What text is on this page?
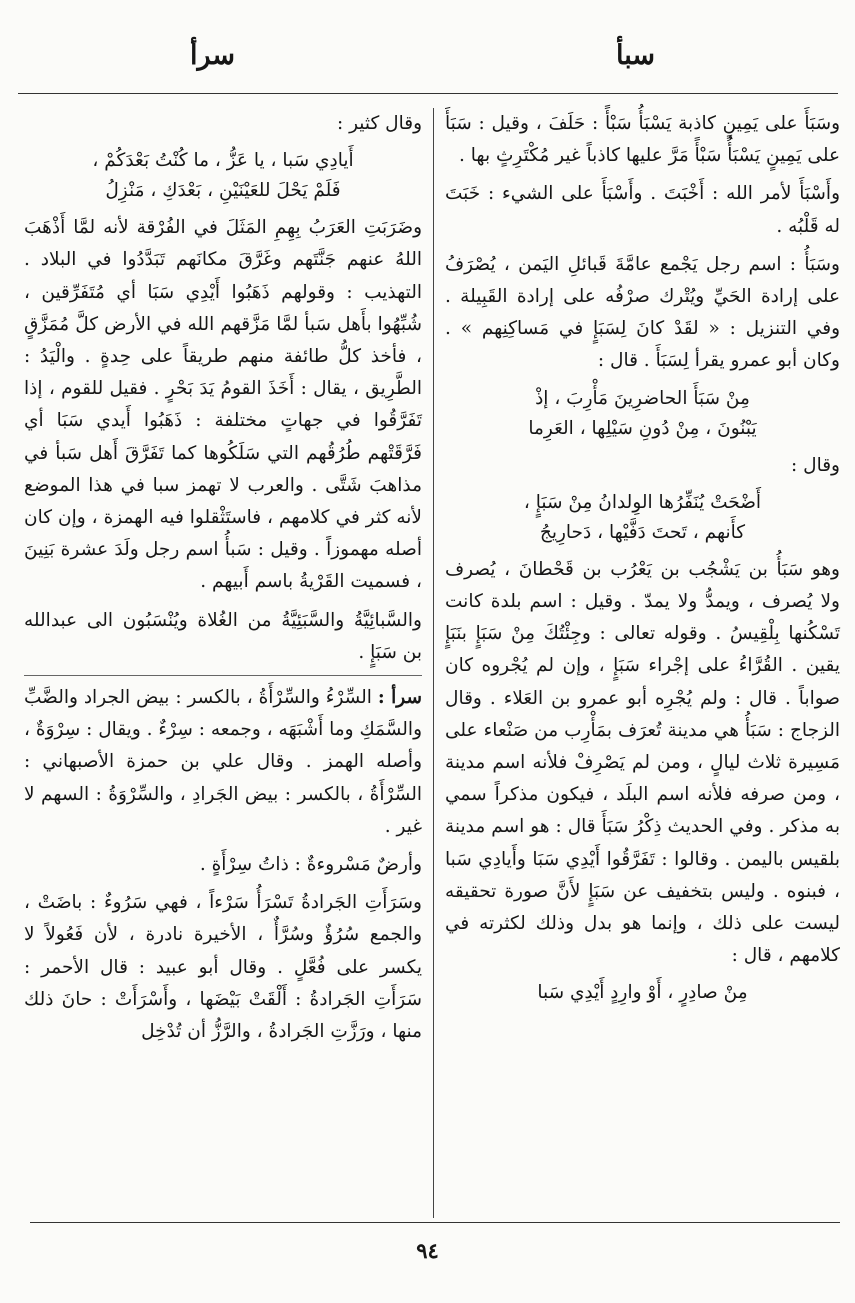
سبأ
سرأ

وسَبَأَ على يَمِينٍ كاذبة يَسْبَأُ سَبْأً : حَلَفَ ، وقيل : سَبَأَ على يَمِينٍ يَسْبَأُ سَبْأً مَرَّ عليها كاذباً غير مُكْتَرِثٍ بها .

وأَسْبَأَ لأمر الله : أَخْبَتَ . وأَسْبَأَ على الشيء : خَبَتَ له قَلْبُه .

وسَبَأُ : اسم رجل يَجْمع عامَّةَ قَبائلِ اليَمن ، يُصْرَفُ على إرادة الحَيِّ ويُتْرك صرْفُه على إرادة القَبِيلة . وفي التنزيل : « لقَدْ كانَ لِسَبَإٍ في مَساكِنِهم » . وكان أبو عمرو يقرأ لِسَبَأَ . قال :

مِنْ سَبَأَ الحاضرِينَ مَأْرِبَ ، إذْ
يَبْنُونَ ، مِنْ دُونِ سَيْلِها ، العَرِما

وقال :

أَضْحَتْ يُنَفِّرُها الوِلدانُ مِنْ سَبَإٍ ،
كأَنهم ، تَحتَ دَفَّيْها ، دَحارِيجُ

وهو سَبَأُ بن يَشْجُب بن يَعْرُب بن قَحْطانَ ، يُصرف ولا يُصرف ، ويمدُّ ولا يمدّ . وقيل : اسم بلدة كانت تَسْكُنها بِلْقِيسُ . وقوله تعالى : وجِئْتُكَ مِنْ سَبَإٍ بنَبَإٍ يقين . القُرَّاءُ على إجْراء سَبَإٍ ، وإن لم يُجْروه كان صواباً . قال : ولم يُجْرِه أبو عمرو بن العَلاء . وقال الزجاج : سَبَأُ هي مدينة تُعرَف بمَأْرِب من صَنْعاء على مَسِيرة ثلاث ليالٍ ، ومن لم يَصْرِفْ فلأنه اسم مدينة ، ومن صرفه فلأنه اسم البلَد ، فيكون مذكراً سمي به مذكر . وفي الحديث ذِكْرُ سَبَأَ قال : هو اسم مدينة بلقيس باليمن . وقالوا : تَفَرَّقُوا أَيْدِي سَبَا وأَيادِي سَبا ، فبنوه . وليس بتخفيف عن سَبَإٍ لأَنَّ صورة تحقيقه ليست على ذلك ، وإنما هو بدل وذلك لكثرته في كلامهم ، قال :

مِنْ صادِرٍ ، أَوْ وارِدٍ أَيْدِي سَبا

وقال كثير :

أَيادِي سَبا ، يا عَزُّ ، ما كُنْتُ بَعْدَكُمْ ،
فَلَمْ يَحْلَ للعَيْنَيْنِ ، بَعْدَكِ ، مَنْزِلُ

وضَرَبَتِ العَرَبُ بِهِمِ المَثَلَ في الفُرْقة لأنه لمَّا أَذْهَبَ اللهُ عنهم جَنَّتَهم وغَرَّقَ مكانَهم تَبَدَّدُوا في البلاد . التهذيب : وقولهم ذَهَبُوا أَيْدِي سَبَا أي مُتَفَرِّقين ، شُبِّهُوا بأَهل سَبأ لمَّا مَزَّقهم الله في الأرض كلَّ مُمَزَّقٍ ، فأخذ كلُّ طائفة منهم طريقاً على حِدةٍ . والْيَدُ : الطَّرِيق ، يقال : أَخَذَ القومُ يَدَ بَحْرٍ . فقيل للقوم ، إذا تَفَرَّقُوا في جهاتٍ مختلفة : ذَهَبُوا أَيدي سَبَا أي فَرَّقَتْهم طُرُقُهم التي سَلَكُوها كما تَفَرَّقَ أَهل سَبأ في مذاهبَ شَتَّى . والعرب لا تهمز سبا في هذا الموضع لأنه كثر في كلامهم ، فاستَثْقلوا فيه الهمزة ، وإن كان أصله مهموزاً . وقيل : سَبأُ اسم رجل ولَدَ عشرة بَنِينَ ، فسميت القَرْيةُ باسم أَبيهم .

والسَّبائِيَّةُ والسَّبَئِيَّةُ من الغُلاة ويُنْسَبُون الى عبدالله بن سَبَإٍ .

سرأ : السِّرْءُ والسِّرْأَةُ ، بالكسر : بيض الجراد والضَّبِّ والسَّمَكِ وما أَشْبَهَه ، وجمعه : سِرْءٌ . ويقال : سِرْوَةٌ ، وأصله الهمز . وقال علي بن حمزة الأصبهاني : السِّرْأَةُ ، بالكسر : بيض الجَرادِ ، والسِّرْوَةُ : السهم لا غير .

وأرضٌ مَسْروءةٌ : ذاتُ سِرْأَةٍ .

وسَرَأَتِ الجَرادةُ تَسْرَأُ سَرْءاً ، فهي سَرُوءٌ : باضَتْ ، والجمع سُرُؤٌ وسُرَّأٌ ، الأخيرة نادرة ، لأن فَعُولاً لا يكسر على فُعَّلٍ . وقال أبو عبيد : قال الأحمر : سَرَأَتِ الجَرادةُ : أَلْقَتْ بَيْضَها ، وأَسْرَأَتْ : حانَ ذلك منها ، ورَزَّتِ الجَرادةُ ، والرَّزُّ أن تُدْخِل

٩٤
